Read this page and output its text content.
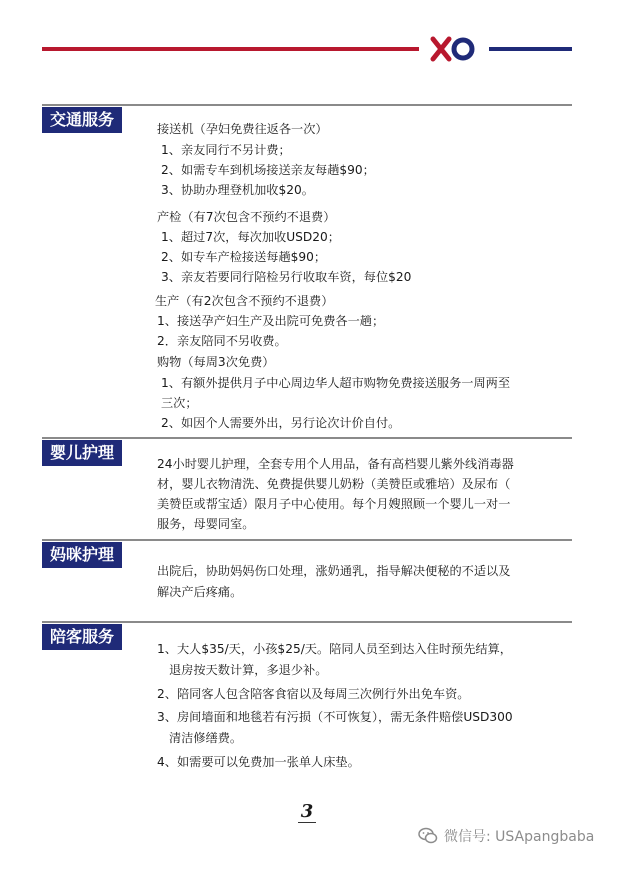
交通服务	接送机（孕妇免费往返各一次）
1、亲友同行不另计费；
2、如需专车到机场接送亲友每趟$90；
3、协助办理登机加收$20。
产检（有7次包含不预约不退费）
1、超过7次，每次加收USD20；
2、如专车产检接送每趟$90；
3、亲友若要同行陪检另行收取车资，每位$20
生产（有2次包含不预约不退费）
1、接送孕产妇生产及出院可免费各一趟；
2．亲友陪同不另收费。
购物（每周3次免费）
1、有额外提供月子中心周边华人超市购物免费接送服务一周两至
三次；
2、如因个人需要外出，另行论次计价自付。
婴儿护理
24小时婴儿护理，全套专用个人用品，备有高档婴儿紫外线消毒器
材，婴儿衣物清洗、免费提供婴儿奶粉（美赞臣或雅培）及尿布（
美赞臣或帮宝适）限月子中心使用。每个月嫂照顾一个婴儿一对一
服务，母婴同室。
妈咪护理
出院后，协助妈妈伤口处理，涨奶通乳，指导解决便秘的不适以及
解决产后疼痛。
陪客服务
1、大人$35/天，小孩$25/天。陪同人员至到达入住时预先结算，
退房按天数计算，多退少补。
2、陪同客人包含陪客食宿以及每周三次例行外出免车资。
3、房间墙面和地毯若有污损（不可恢复），需无条件赔偿USD300
清洁修缮费。
4、如需要可以免费加一张单人床垫。
3
微信号: USApangbaba
